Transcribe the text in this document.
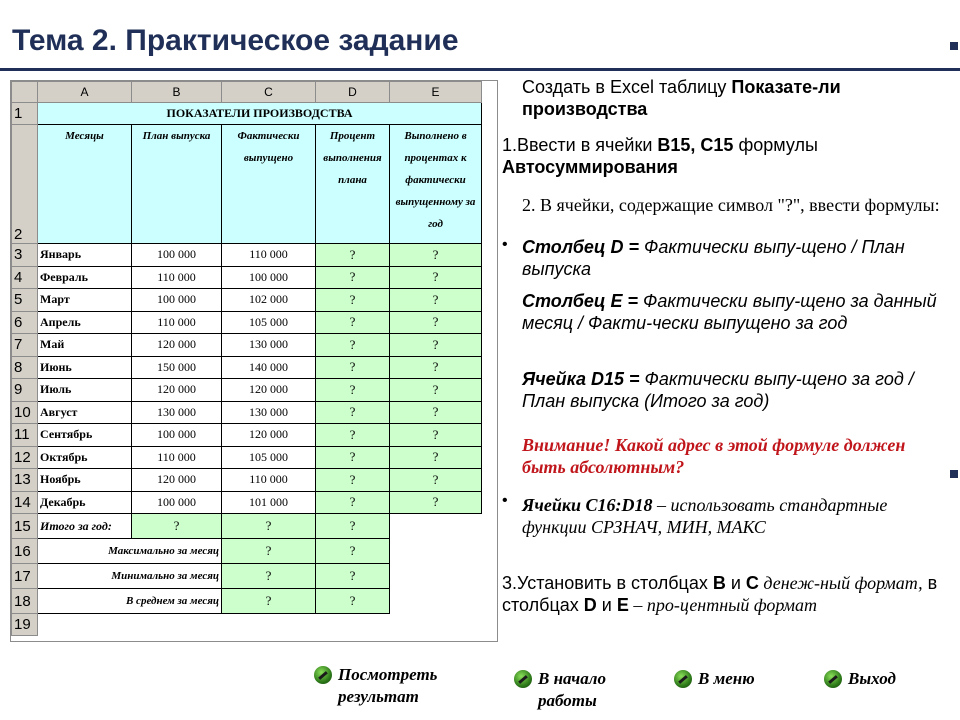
Тема 2. Практическое задание
	A	B	C	D	E
1	ПОКАЗАТЕЛИ ПРОИЗВОДСТВА				
2	Месяцы	План выпуска	Фактически выпущено	Процент выполнения плана	Выполнено в процентах к фактически выпущенному за год
3	Январь	100 000	110 000	?	?
4	Февраль	110 000	100 000	?	?
5	Март	100 000	102 000	?	?
6	Апрель	110 000	105 000	?	?
7	Май	120 000	130 000	?	?
8	Июнь	150 000	140 000	?	?
9	Июль	120 000	120 000	?	?
10	Август	130 000	130 000	?	?
11	Сентябрь	100 000	120 000	?	?
12	Октябрь	110 000	105 000	?	?
13	Ноябрь	120 000	110 000	?	?
14	Декабрь	100 000	101 000	?	?
15	Итого за год:	?	?	?	
16	Максимально за месяц		?	?	
17	Минимально за месяц		?	?	
18	В среднем за месяц		?	?	
19					
Создать в Excel таблицу Показате-ли производства
1.Ввести в ячейки B15, C15 формулы Автосуммирования
2. В ячейки, содержащие символ "?", ввести формулы:
• Столбец D = Фактически выпу-щено / План выпуска
Столбец E = Фактически выпу-щено за данный месяц / Факти-чески выпущено за год
Ячейка D15 = Фактически выпу-щено за год / План выпуска (Итого за год)
Внимание! Какой адрес в этой формуле должен быть абсолютным?
• Ячейки C16:D18 – использовать стандартные функции СРЗНАЧ, МИН, МАКС
3.Установить в столбцах B и C денеж-ный формат, в столбцах D и E – про-центный формат
Посмотреть результат
В начало работы
В меню	Выход
